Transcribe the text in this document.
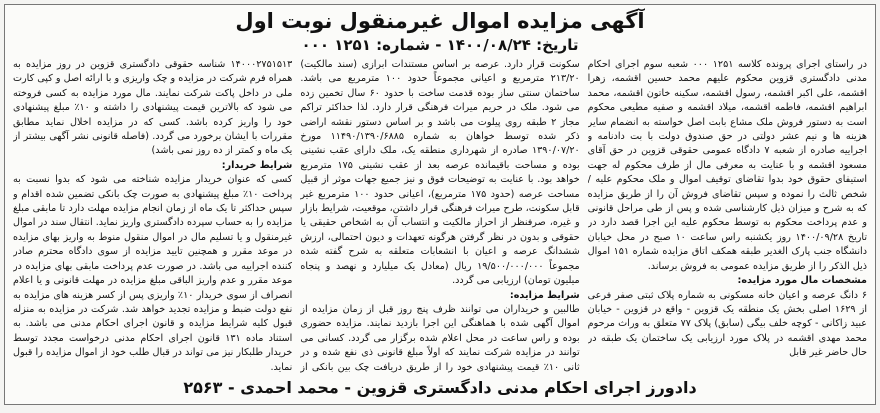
آگهی مزایده اموال غیرمنقول نوبت اول
تاریخ: ۱۴۰۰/۰۸/۲۴ - شماره: ۱۲۵۱ ۰۰۰

در راستای اجرای پرونده کلاسه ۱۲۵۱ ۰۰۰ شعبه سوم اجرای احکام مدنی دادگستری قزوین محکوم علیهم محمد حسین اقشمه، زهرا اقشمه، علی اکبر اقشمه، رسول اقشمه، سکینه خاتون اقشمه، محمد ابراهیم اقشمه، فاطمه اقشمه، میلاد اقشمه و صفیه مطیعی محکوم است به دستور فروش ملک مشاع بابت اصل خواسته به انضمام سایر هزینه ها و نیم عشر دولتی در حق صندوق دولت با بت دادنامه و اجراییه صادره از شعبه ۷ دادگاه عمومی حقوقی قزوین در حق آقای مسعود اقشمه و با عنایت به معرفی مال از طرف محکوم له جهت استیفای حقوق خود بدوا تقاضای توقیف اموال و ملک محکوم علیه / شخص ثالث را نموده و سپس تقاضای فروش آن را از طریق مزایده که به شرح و میزان ذیل کارشناسی شده و پس از طی مراحل قانونی و عدم پرداخت محکوم به توسط محکوم علیه این اجرا قصد دارد در تاریخ ۱۴۰۰/۰۹/۲۸ روز یکشنبه راس ساعت ۱۰ صبح در محل خیابان دانشگاه جنب پارک الغدیر طبقه همکف اتاق مزایده شماره ۱۵۱ اموال ذیل الذکر را از طریق مزایده عمومی به فروش برساند.

مشخصات مال مورد مزایده:

۶ دانگ عرصه و اعیان خانه مسکونی به شماره پلاک ثبتی صفر فرعی از ۱۶۲۹ اصلی بخش یک منطقه یک قزوین - واقع در قزوین - خیابان عبید زاکانی - کوچه خلف بیگی (سابق) پلاک ۷۷ متعلق به وراث مرحوم محمد مهدی اقشمه در پلاک مورد ارزیابی یک ساختمان یک طبقه در حال حاضر غیر قابل

سکونت قرار دارد. عرصه بر اساس مستندات ابرازی (سند مالکیت) ۲۱۳/۲۰ مترمربع و اعیانی مجموعاً حدود ۱۰۰ مترمربع می باشد. ساختمان سنتی ساز بوده قدمت ساخت با حدود ۶۰ سال تخمین زده می شود. ملک در حریم میراث فرهنگی قرار دارد. لذا حداکثر تراکم مجاز ۲ طبقه روی پیلوت می باشد و بر اساس دستور نقشه اراضی ذکر شده توسط خواهان به شماره ۱۱۴۹۰/۱۳۹۰/۶۸۸۵ مورخ ۱۳۹۰/۰۷/۲۰ صادره از شهرداری منطقه یک، ملک دارای عقب نشینی بوده و مساحت باقیمانده عرصه بعد از عقب نشینی ۱۷۵ مترمربع خواهد بود. با عنایت به توضیحات فوق و نیز جمیع جهات موثر از قبیل مساحت عرصه (حدود ۱۷۵ مترمربع)، اعیانی حدود ۱۰۰ مترمربع غیر قابل سکونت، طرح میراث فرهنگی قرار داشتن، موقعیت، شرایط بازار و غیره، صرفنظر از احراز مالکیت و انتساب آن به اشخاص حقیقی یا حقوقی و بدون در نظر گرفتن هرگونه تعهدات و دیون احتمالی، ارزش ششدانگ عرصه و اعیان با انشعابات متعلقه به شرح گفته شده مجموعاً ۱۹/۵۰۰/۰۰۰/۰۰۰ ریال (معادل یک میلیارد و نهصد و پنجاه میلیون تومان) ارزیابی می گردد.

شرایط مزایده:

طالبین و خریداران می توانند ظرف پنج روز قبل از زمان مزایده از اموال آگهی شده با هماهنگی این اجرا بازدید نمایند. مزایده حضوری بوده و راس ساعت در محل اعلام شده برگزار می گردد. کسانی می توانند در مزایده شرکت نمایند که اولاً مبلغ قانونی ذی نفع شده و در ثانی ۱۰٪ قیمت پیشنهادی خود را از طریق دریافت چک بین بانکی از

۱۴۰۰۰۲۷۵۱۵۱۳ شناسه حقوقی دادگستری قزوین در روز مزایده به همراه فرم شرکت در مزایده و چک واریزی و با ارائه اصل و کپی کارت ملی در داخل پاکت شرکت نمایند. مال مورد مزایده به کسی فروخته می شود که بالاترین قیمت پیشنهادی را داشته و ۱۰٪ مبلغ پیشنهادی خود را واریز کرده باشد. کسی که در مزایده اخلال نماید مطابق مقررات با ایشان برخورد می گردد. (فاصله قانونی نشر آگهی بیشتر از یک ماه و کمتر از ده روز نمی باشد)

شرایط خریدار:

کسی که عنوان خریدار مزایده شناخته می شود که بدوا نسبت به پرداخت ۱۰٪ مبلغ پیشنهادی به صورت چک بانکی تضمین شده اقدام و سپس حداکثر تا یک ماه از زمان انجام مزایده مهلت دارد تا مابقی مبلغ مزایده را به حساب سپرده دادگستری واریز نماید. انتقال سند در اموال غیرمنقول و یا تسلیم مال در اموال منقول منوط به واریز بهای مزایده در موعد مقرر و همچنین تایید مزایده از سوی دادگاه محترم صادر کننده اجراییه می باشد. در صورت عدم پرداخت مابقی بهای مزایده در موعد مقرر و عدم واریز الباقی مبلغ مزایده در مهلت قانونی و یا اعلام انصراف از سوی خریدار ۱۰٪ واریزی پس از کسر هزینه های مزایده به نفع دولت ضبط و مزایده تجدید خواهد شد. شرکت در مزایده به منزله قبول کلیه شرایط مزایده و قانون اجرای احکام مدنی می باشد. به استناد ماده ۱۳۱ قانون اجرای احکام مدنی درخواست مجدد توسط خریدار طلبکار نیز می تواند در قبال طلب خود از اموال مزایده را قبول نماید.

دادورز اجرای احکام مدنی دادگستری قزوین - محمد احمدی - ۲۵۶۳
